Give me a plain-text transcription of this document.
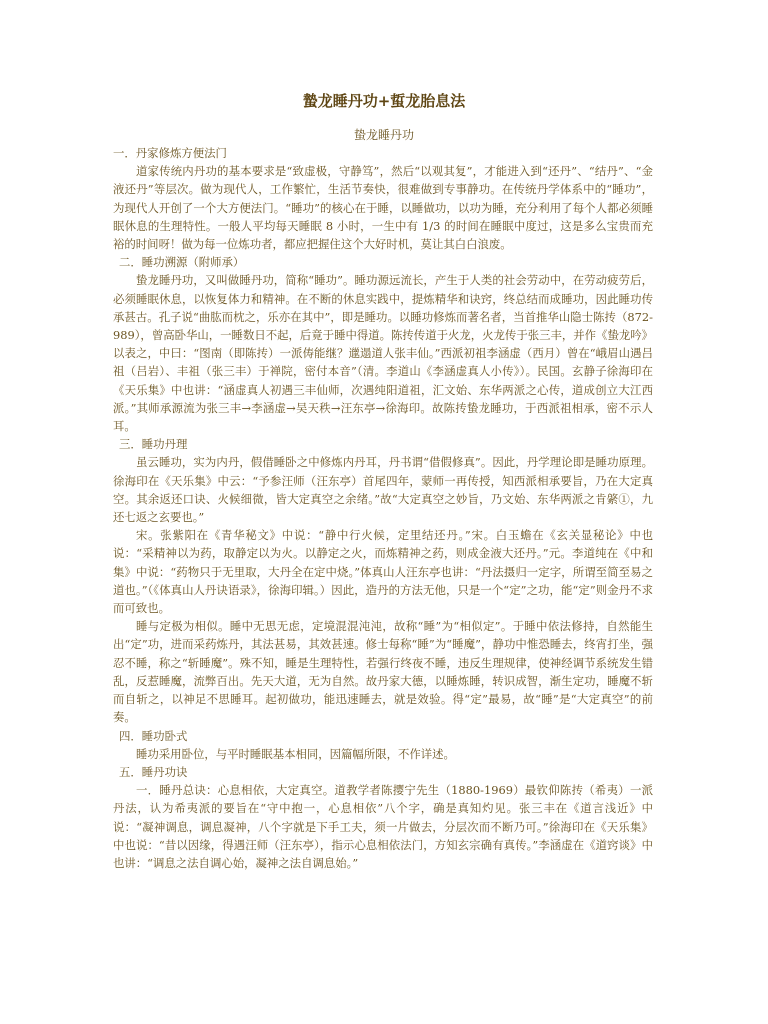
蟄龙睡丹功+蜇龙胎息法
蛰龙睡丹功

一．丹家修炼方便法门

道家传统内丹功的基本要求是“致虚极，守静笃”，然后“以观其复”，才能进入到“还丹”、“结丹”、“金液还丹”等层次。做为现代人，工作繁忙，生活节奏快，很难做到专事静功。在传统丹学体系中的“睡功”，为现代人开创了一个大方便法门。“睡功”的核心在于睡，以睡做功，以功为睡，充分利用了每个人都必须睡眠休息的生理特性。一般人平均每天睡眠 8 小时，一生中有 1/3 的时间在睡眠中度过，这是多么宝贵而充裕的时间呀！做为每一位炼功者，都应把握住这个大好时机，莫让其白白浪废。

二．睡功溯源（附师承）

蛰龙睡丹功，又叫做睡丹功，简称“睡功”。睡功源远流长，产生于人类的社会劳动中，在劳动疲劳后，必须睡眠休息，以恢复体力和精神。在不断的休息实践中，提炼精华和诀窍，终总结而成睡功，因此睡功传承甚古。孔子说“曲肱而枕之，乐亦在其中”，即是睡功。以睡功修炼而著名者，当首推华山隐士陈抟（872-989），曾高卧华山，一睡数日不起，后竟于睡中得道。陈抟传道于火龙，火龙传于张三丰，并作《蛰龙吟》以表之，中曰：“图南（即陈抟）一派俦能继？邋遢道人张丰仙。”西派初祖李涵虚（西月）曾在“峨眉山遇吕祖（吕岩）、丰祖（张三丰）于禅院，密付本音”（清。李道山《李涵虚真人小传》）。民国。玄静子徐海印在《天乐集》中也讲：“涵虚真人初遇三丰仙师，次遇纯阳道祖，汇文始、东华两派之心传，道成创立大江西派。”其师承源流为张三丰→李涵虚→吴天秩→汪东亭→徐海印。故陈抟蛰龙睡功，于西派祖相承，密不示人耳。

三．睡功丹理

虽云睡功，实为内丹，假借睡卧之中修炼内丹耳，丹书谓“借假修真”。因此，丹学理论即是睡功原理。徐海印在《天乐集》中云：“予参汪师（汪东亭）首尾四年，蒙师一再传授，知西派相承要旨，乃在大定真空。其余返还口诀、火候细微，皆大定真空之余绪。”故“大定真空之妙旨，乃文始、东华两派之肯綮①，九还七返之玄要也。”

宋。张紫阳在《青华秘文》中说：“静中行火候，定里结还丹。”宋。白玉蟾在《玄关显秘论》中也说：“采精神以为药，取静定以为火。以静定之火，而炼精神之药，则成金液大还丹。”元。李道纯在《中和集》中说：“药物只于无里取，大丹全在定中烧。”体真山人汪东亭也讲：“丹法摄归一定字，所谓至简至易之道也。”（《体真山人丹诀语录》，徐海印辑。）因此，造丹的方法无他，只是一个“定”之功，能“定”则金丹不求而可致也。

睡与定极为相似。睡中无思无虑，定境混混沌沌，故称“睡”为“相似定”。于睡中依法修持，自然能生出“定”功，进而采药炼丹，其法甚易，其效甚速。修士每称“睡”为“睡魔”，静功中惟恐睡去，终宵打坐，强忍不睡，称之“斩睡魔”。殊不知，睡是生理特性，若强行终夜不睡，违反生理规律，使神经调节系统发生错乱，反惹睡魔，流弊百出。先天大道，无为自然。故丹家大德，以睡炼睡，转识成智，渐生定功，睡魔不斩而自斩之，以神足不思睡耳。起初做功，能迅速睡去，就是效验。得“定”最易，故“睡”是“大定真空”的前奏。

四．睡功卧式

睡功采用卧位，与平时睡眠基本相同，因篇幅所限，不作详述。

五．睡丹功诀

一．睡丹总诀：心息相依，大定真空。道教学者陈撄宁先生（1880-1969）最钦仰陈抟（希夷）一派丹法，认为希夷派的要旨在“守中抱一，心息相依”八个字，确是真知灼见。张三丰在《道言浅近》中说：“凝神调息，调息凝神，八个字就是下手工夫，须一片做去，分层次而不断乃可。”徐海印在《天乐集》中也说：“昔以因缘，得遇汪师（汪东亭），指示心息相依法门，方知玄宗确有真传。”李涵虚在《道窍谈》中也讲：“调息之法自调心始，凝神之法自调息始。”
